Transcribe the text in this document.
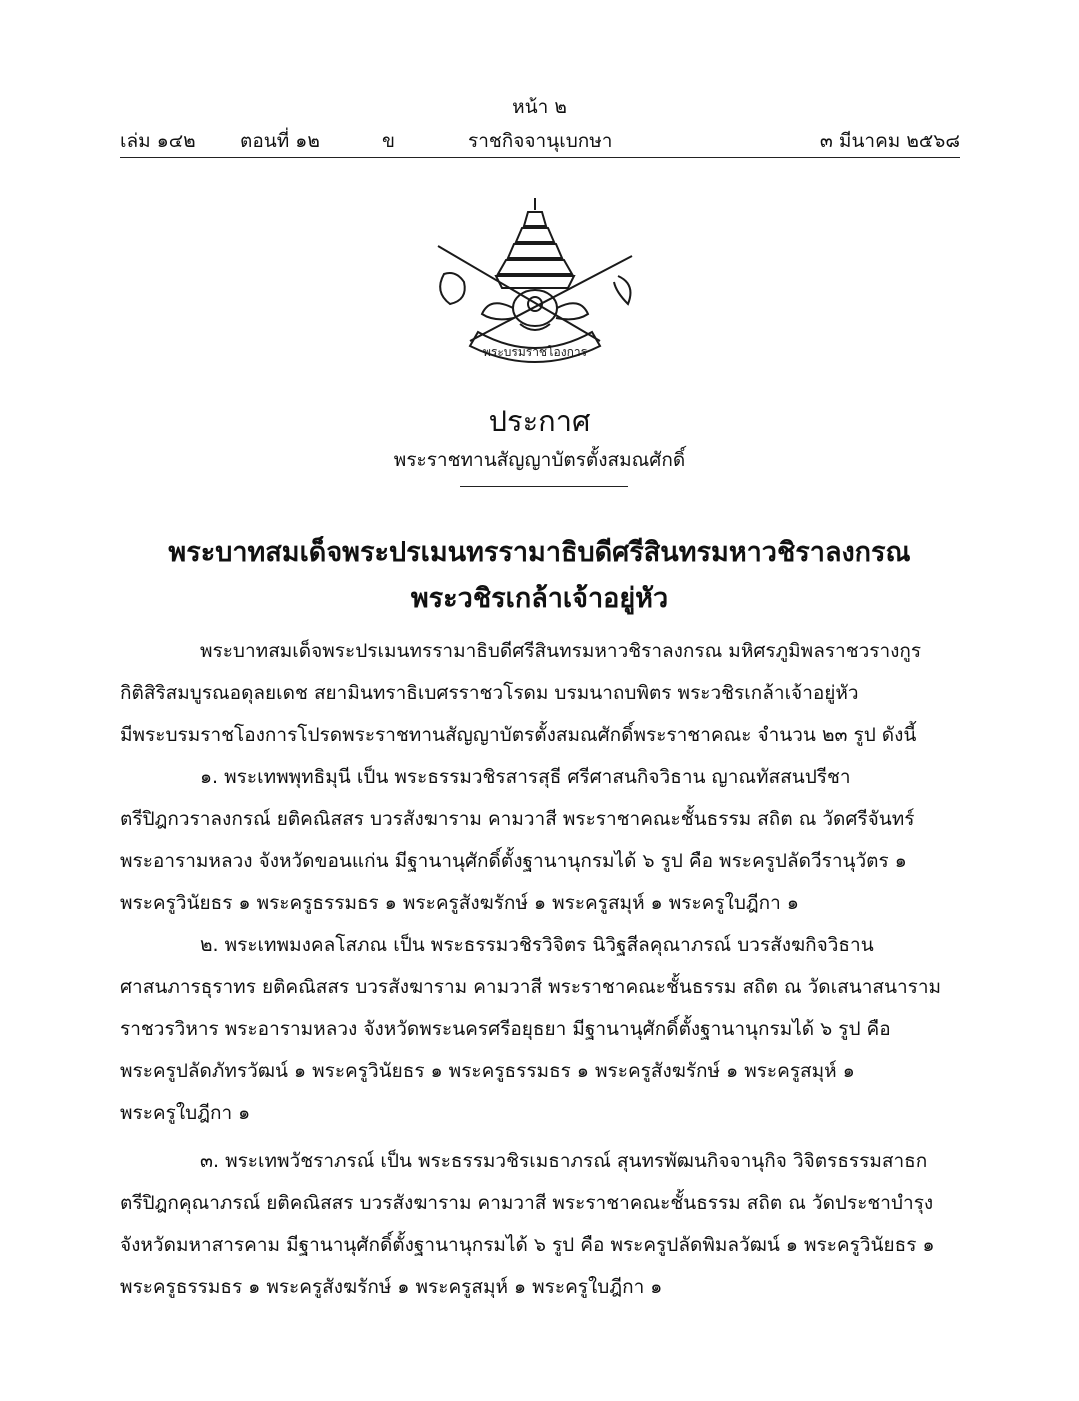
หน้า ๒
เล่ม ๑๔๒ ตอนที่ ๑๒	ข	ราชกิจจานุเบกษา	๓ มีนาคม ๒๕๖๘
พระบรมราชโองการ
ประกาศ
พระราชทานสัญญาบัตรตั้งสมณศักดิ์
พระบาทสมเด็จพระปรเมนทรรามาธิบดีศรีสินทรมหาวชิราลงกรณ
พระวชิรเกล้าเจ้าอยู่หัว
พระบาทสมเด็จพระปรเมนทรรามาธิบดีศรีสินทรมหาวชิราลงกรณ มหิศรภูมิพลราชวรางกูร
กิติสิริสมบูรณอดุลยเดช สยามินทราธิเบศรราชวโรดม บรมนาถบพิตร พระวชิรเกล้าเจ้าอยู่หัว
มีพระบรมราชโองการโปรดพระราชทานสัญญาบัตรตั้งสมณศักดิ์พระราชาคณะ จำนวน ๒๓ รูป ดังนี้
๑. พระเทพพุทธิมุนี เป็น พระธรรมวชิรสารสุธี ศรีศาสนกิจวิธาน ญาณทัสสนปรีชา
ตรีปิฎกวราลงกรณ์ ยติคณิสสร บวรสังฆาราม คามวาสี พระราชาคณะชั้นธรรม สถิต ณ วัดศรีจันทร์
พระอารามหลวง จังหวัดขอนแก่น มีฐานานุศักดิ์ตั้งฐานานุกรมได้ ๖ รูป คือ พระครูปลัดวีรานุวัตร ๑
พระครูวินัยธร ๑ พระครูธรรมธร ๑ พระครูสังฆรักษ์ ๑ พระครูสมุห์ ๑ พระครูใบฎีกา ๑
๒. พระเทพมงคลโสภณ เป็น พระธรรมวชิรวิจิตร นิวิฐสีลคุณาภรณ์ บวรสังฆกิจวิธาน
ศาสนภารธุราทร ยติคณิสสร บวรสังฆาราม คามวาสี พระราชาคณะชั้นธรรม สถิต ณ วัดเสนาสนาราม
ราชวรวิหาร พระอารามหลวง จังหวัดพระนครศรีอยุธยา มีฐานานุศักดิ์ตั้งฐานานุกรมได้ ๖ รูป คือ
พระครูปลัดภัทรวัฒน์ ๑ พระครูวินัยธร ๑ พระครูธรรมธร ๑ พระครูสังฆรักษ์ ๑ พระครูสมุห์ ๑
พระครูใบฎีกา ๑
๓. พระเทพวัชราภรณ์ เป็น พระธรรมวชิรเมธาภรณ์ สุนทรพัฒนกิจจานุกิจ วิจิตรธรรมสาธก
ตรีปิฎกคุณาภรณ์ ยติคณิสสร บวรสังฆาราม คามวาสี พระราชาคณะชั้นธรรม สถิต ณ วัดประชาบำรุง
จังหวัดมหาสารคาม มีฐานานุศักดิ์ตั้งฐานานุกรมได้ ๖ รูป คือ พระครูปลัดพิมลวัฒน์ ๑ พระครูวินัยธร ๑
พระครูธรรมธร ๑ พระครูสังฆรักษ์ ๑ พระครูสมุห์ ๑ พระครูใบฎีกา ๑
